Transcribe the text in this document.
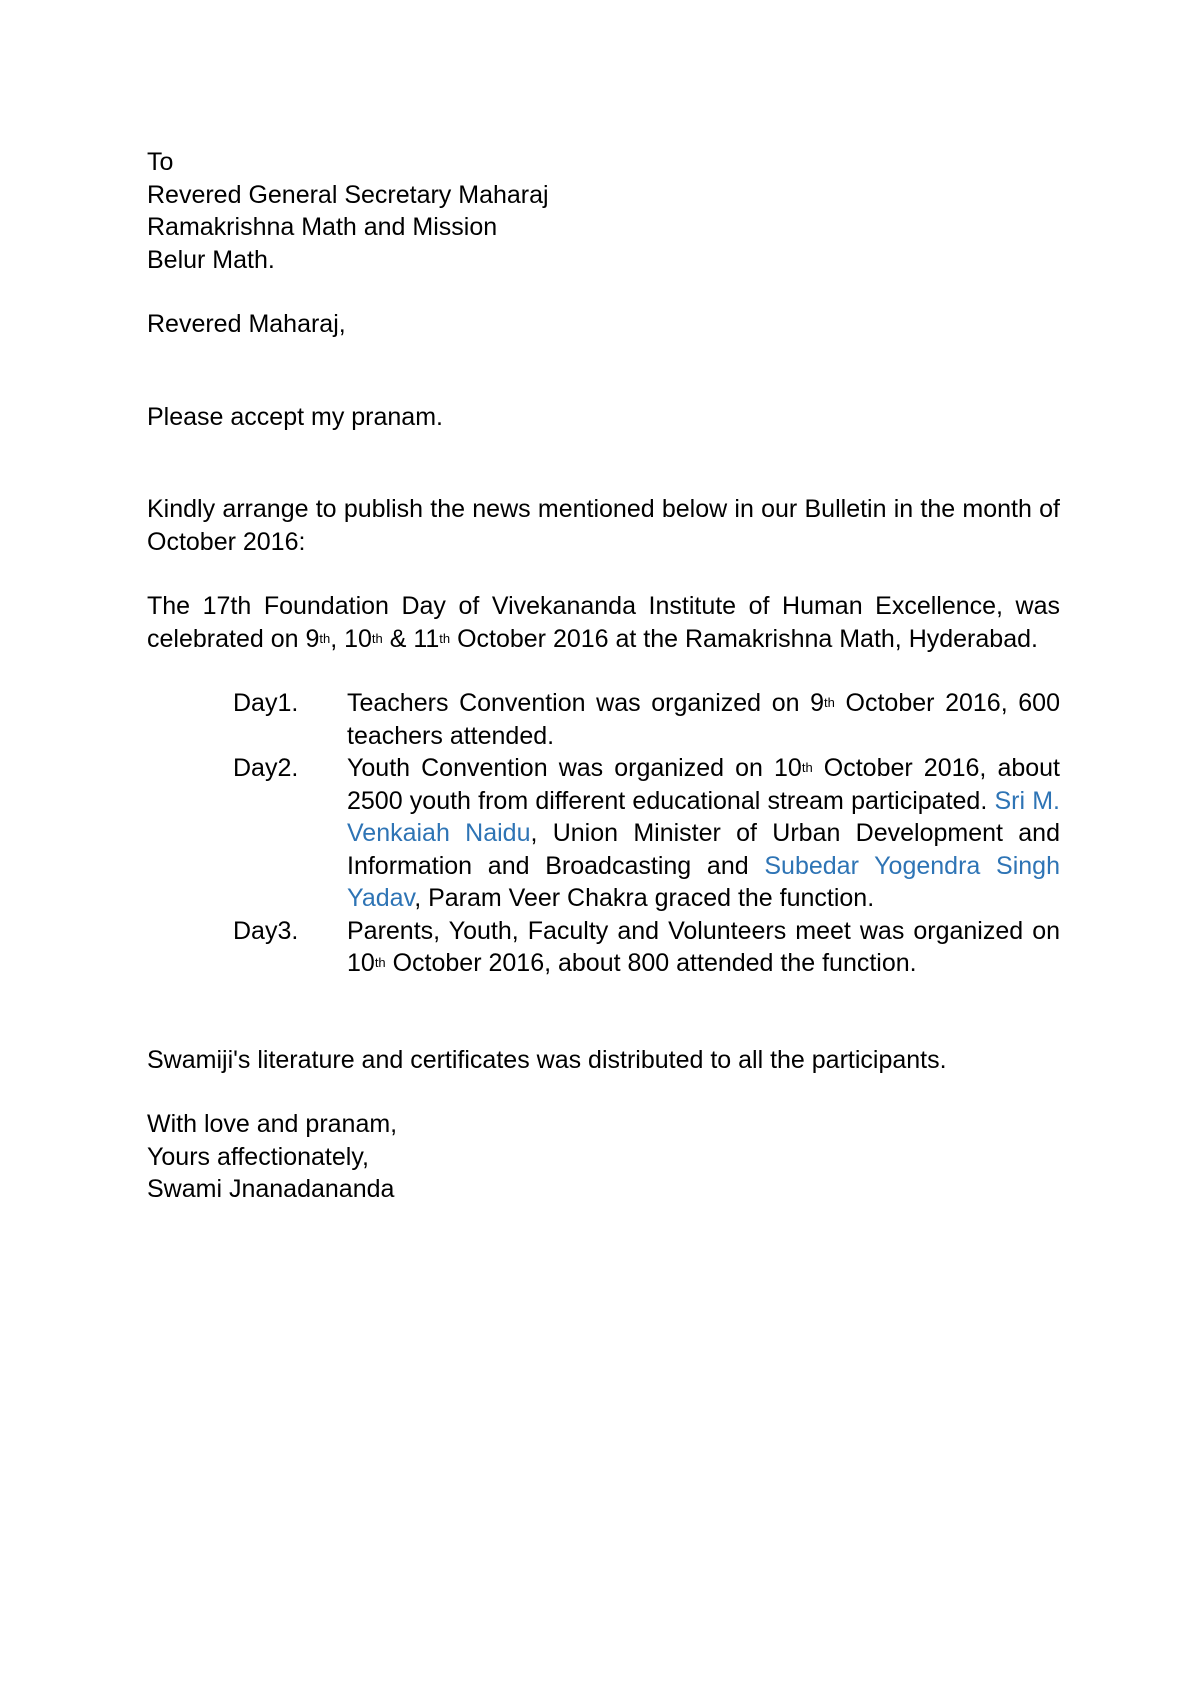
To
Revered General Secretary Maharaj
Ramakrishna Math and Mission
Belur Math.

Revered Maharaj,

Please accept my pranam.

Kindly arrange to publish the news mentioned below in our Bulletin in the month of October 2016:

The 17th Foundation Day of Vivekananda Institute of Human Excellence, was celebrated on 9th, 10th & 11th October 2016 at the Ramakrishna Math, Hyderabad.

Day1.	Teachers Convention was organized on 9th October 2016, 600 teachers attended.
Day2.	Youth Convention was organized on 10th October 2016, about 2500 youth from different educational stream participated. Sri M. Venkaiah Naidu, Union Minister of Urban Development and Information and Broadcasting and Subedar Yogendra Singh Yadav, Param Veer Chakra graced the function.
Day3.	Parents, Youth, Faculty and Volunteers meet was organized on 10th October 2016, about 800 attended the function.

Swamiji's literature and certificates was distributed to all the participants.

With love and pranam,
Yours affectionately,
Swami Jnanadananda
